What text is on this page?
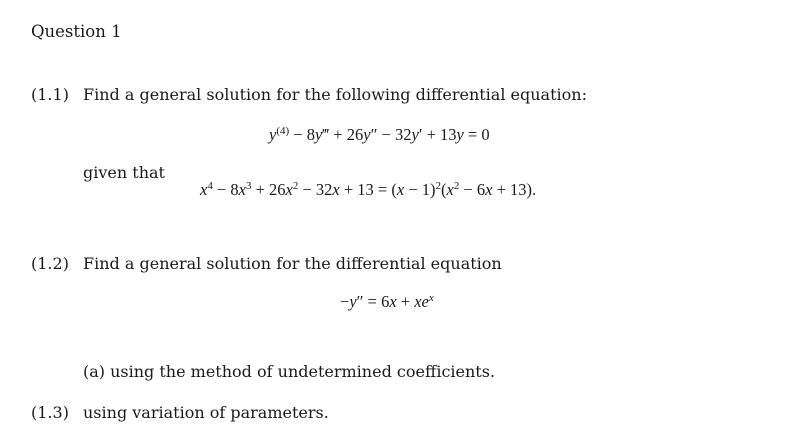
Question 1
(1.1) Find a general solution for the following differential equation:
$y^{(4)}$ − 8y‴ + 26y″ − 32y′ + 13y = 0
given that
$x^4 - 8x^3 + 26x^2 - 32x + 13 = (x - 1)^2(x^2 - 6x + 13)$.
(1.2) Find a general solution for the differential equation
$-y'' = 6x + xe^x$
(a) using the method of undetermined coefficients.
(1.3) using variation of parameters.
